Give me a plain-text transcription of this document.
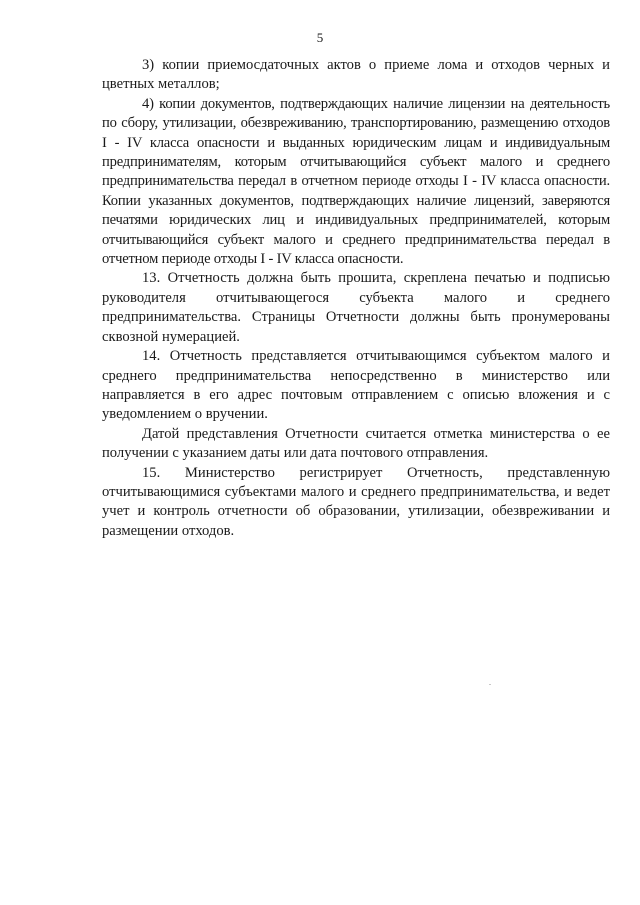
5

3) копии приемосдаточных актов о приеме лома и отходов черных и цветных металлов;

4) копии документов, подтверждающих наличие лицензии на деятельность по сбору, утилизации, обезвреживанию, транспортированию, размещению отходов I - IV класса опасности и выданных юридическим лицам и индивидуальным предпринимателям, которым отчитывающийся субъект малого и среднего предпринимательства передал в отчетном периоде отходы I - IV класса опасности. Копии указанных документов, подтверждающих наличие лицензий, заверяются печатями юридических лиц и индивидуальных предпринимателей, которым отчитывающийся субъект малого и среднего предпринимательства передал в отчетном периоде отходы I - IV класса опасности.

13. Отчетность должна быть прошита, скреплена печатью и подписью руководителя отчитывающегося субъекта малого и среднего предпринимательства. Страницы Отчетности должны быть пронумерованы сквозной нумерацией.

14. Отчетность представляется отчитывающимся субъектом малого и среднего предпринимательства непосредственно в министерство или направляется в его адрес почтовым отправлением с описью вложения и с уведомлением о вручении.

Датой представления Отчетности считается отметка министерства о ее получении с указанием даты или дата почтового отправления.

15. Министерство регистрирует Отчетность, представленную отчитывающимися субъектами малого и среднего предпринимательства, и ведет учет и контроль отчетности об образовании, утилизации, обезвреживании и размещении отходов.
